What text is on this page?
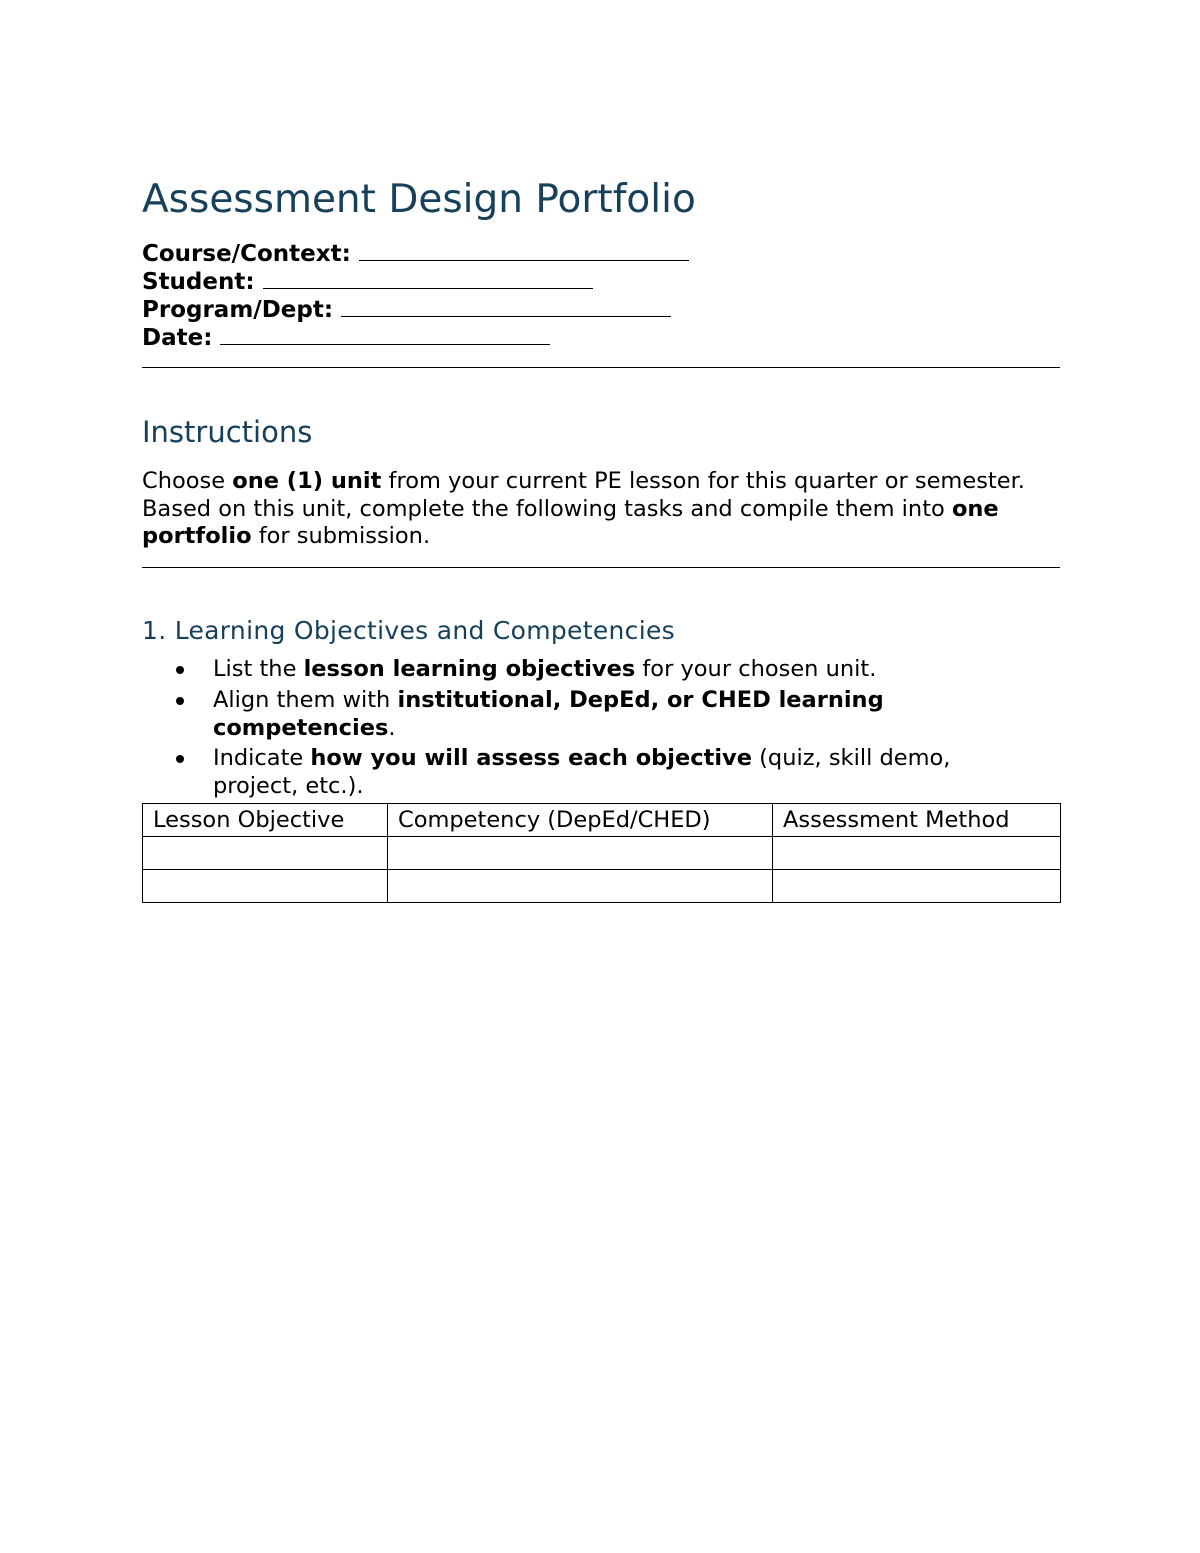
Assessment Design Portfolio
Course/Context:
Student:
Program/Dept:
Date:
Instructions

Choose one (1) unit from your current PE lesson for this quarter or semester. Based on this unit, complete the following tasks and compile them into one portfolio for submission.

1. Learning Objectives and Competencies
List the lesson learning objectives for your chosen unit.
Align them with institutional, DepEd, or CHED learning competencies.
Indicate how you will assess each objective (quiz, skill demo, project, etc.).
Lesson Objective	Competency (DepEd/CHED)	Assessment Method
